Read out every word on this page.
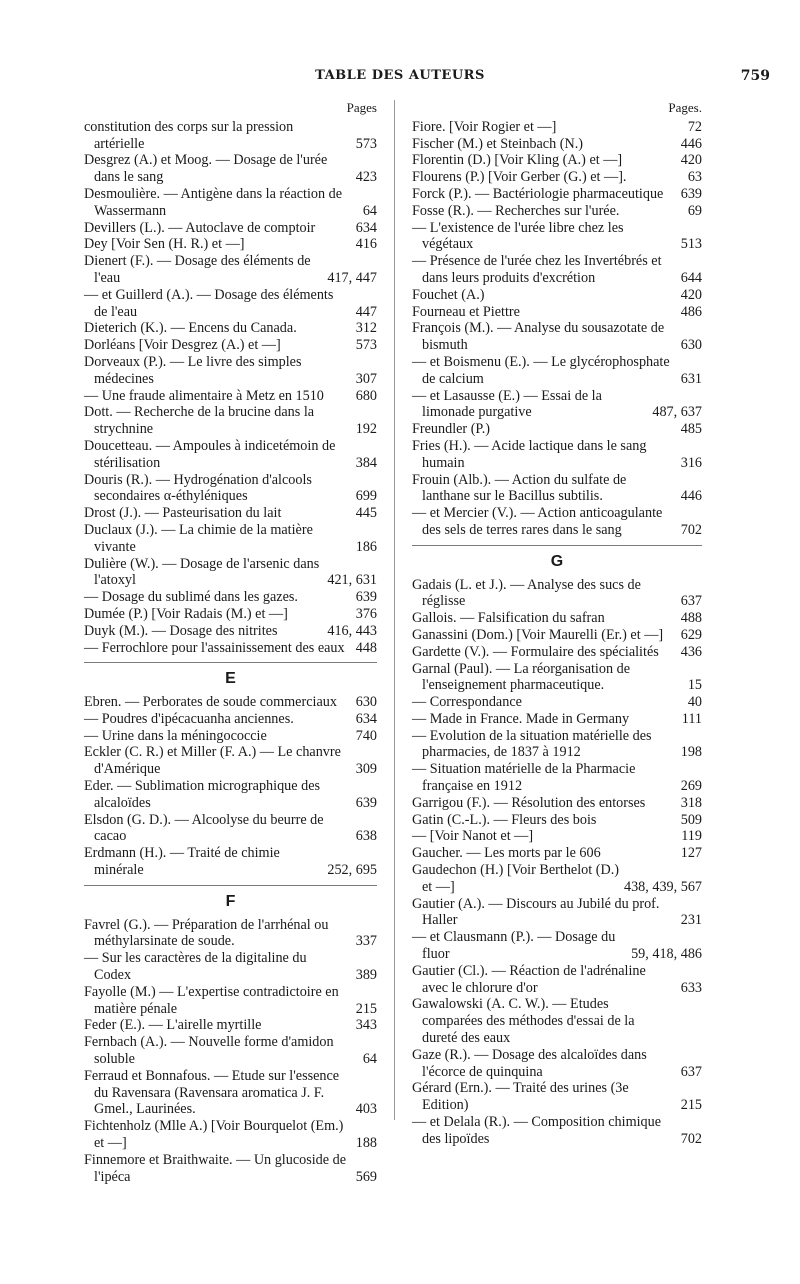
TABLE DES AUTEURS	759
Pages
constitution des corps sur la pression artérielle	573
Desgrez (A.) et Moog. — Dosage de l'urée dans le sang	423
Desmoulière. — Antigène dans la réaction de Wassermann	64
Devillers (L.). — Autoclave de comptoir	634
Dey [Voir Sen (H. R.) et —]	416
Dienert (F.). — Dosage des éléments de l'eau	417, 447
— et Guillerd (A.). — Dosage des éléments de l'eau	447
Dieterich (K.). — Encens du Canada.	312
Dorléans [Voir Desgrez (A.) et —]	573
Dorveaux (P.). — Le livre des simples médecines	307
— Une fraude alimentaire à Metz en 1510	680
Dott. — Recherche de la brucine dans la strychnine	192
Doucetteau. — Ampoules à indicetémoin de stérilisation	384
Douris (R.). — Hydrogénation d'alcools secondaires α-éthyléniques	699
Drost (J.). — Pasteurisation du lait	445
Duclaux (J.). — La chimie de la matière vivante	186
Dulière (W.). — Dosage de l'arsenic dans l'atoxyl	421, 631
— Dosage du sublimé dans les gazes.	639
Dumée (P.) [Voir Radais (M.) et —]	376
Duyk (M.). — Dosage des nitrites	416, 443
— Ferrochlore pour l'assainissement des eaux 448
E
Ebren. — Perborates de soude commerciaux	630
— Poudres d'ipécacuanha anciennes.	634
— Urine dans la méningococcie	740
Eckler (C. R.) et Miller (F. A.) — Le chanvre d'Amérique	309
Eder. — Sublimation micrographique des alcaloïdes	639
Elsdon (G. D.). — Alcoolyse du beurre de cacao	638
Erdmann (H.). — Traité de chimie minérale	252, 695
F
Favrel (G.). — Préparation de l'arrhénal ou méthylarsinate de soude.	337
— Sur les caractères de la digitaline du Codex	389
Fayolle (M.) — L'expertise contradictoire en matière pénale	215
Feder (E.). — L'airelle myrtille	343
Fernbach (A.). — Nouvelle forme d'amidon soluble	64
Ferraud et Bonnafous. — Etude sur l'essence du Ravensara (Ravensara aromatica J. F. Gmel., Laurinées.	403
Fichtenholz (Mlle A.) [Voir Bourquelot (Em.) et —]	188
Finnemore et Braithwaite. — Un glucoside de l'ipéca	569
Pages.
Fiore. [Voir Rogier et —]	72
Fischer (M.) et Steinbach (N.)	446
Florentin (D.) [Voir Kling (A.) et —]	420
Flourens (P.) [Voir Gerber (G.) et —].	63
Forck (P.). — Bactériologie pharmaceutique	639
Fosse (R.). — Recherches sur l'urée.	69
— L'existence de l'urée libre chez les végétaux	513
— Présence de l'urée chez les Invertébrés et dans leurs produits d'excrétion	644
Fouchet (A.)	420
Fourneau et Piettre	486
François (M.). — Analyse du sousazotate de bismuth	630
— et Boismenu (E.). — Le glycérophosphate de calcium	631
— et Lasausse (E.) — Essai de la limonade purgative	487, 637
Freundler (P.)	485
Fries (H.). — Acide lactique dans le sang humain	316
Frouin (Alb.). — Action du sulfate de lanthane sur le Bacillus subtilis.	446
— et Mercier (V.). — Action anticoagulante des sels de terres rares dans le sang	702
G
Gadais (L. et J.). — Analyse des sucs de réglisse	637
Gallois. — Falsification du safran	488
Ganassini (Dom.) [Voir Maurelli (Er.) et —]	629
Gardette (V.). — Formulaire des spécialités	436
Garnal (Paul). — La réorganisation de l'enseignement pharmaceutique.	15
— Correspondance	40
— Made in France. Made in Germany	111
— Evolution de la situation matérielle des pharmacies, de 1837 à 1912	198
— Situation matérielle de la Pharmacie française en 1912	269
Garrigou (F.). — Résolution des entorses	318
Gatin (C.-L.). — Fleurs des bois	509
— [Voir Nanot et —]	119
Gaucher. — Les morts par le 606	127
Gaudechon (H.) [Voir Berthelot (D.) et —]	438, 439, 567
Gautier (A.). — Discours au Jubilé du prof. Haller	231
— et Clausmann (P.). — Dosage du fluor	59, 418, 486
Gautier (Cl.). — Réaction de l'adrénaline avec le chlorure d'or	633
Gawalowski (A. C. W.). — Etudes comparées des méthodes d'essai de la dureté des eaux
Gaze (R.). — Dosage des alcaloïdes dans l'écorce de quinquina	637
Gérard (Ern.). — Traité des urines (3e Edition)	215
— et Delala (R.). — Composition chimique des lipoïdes	702
